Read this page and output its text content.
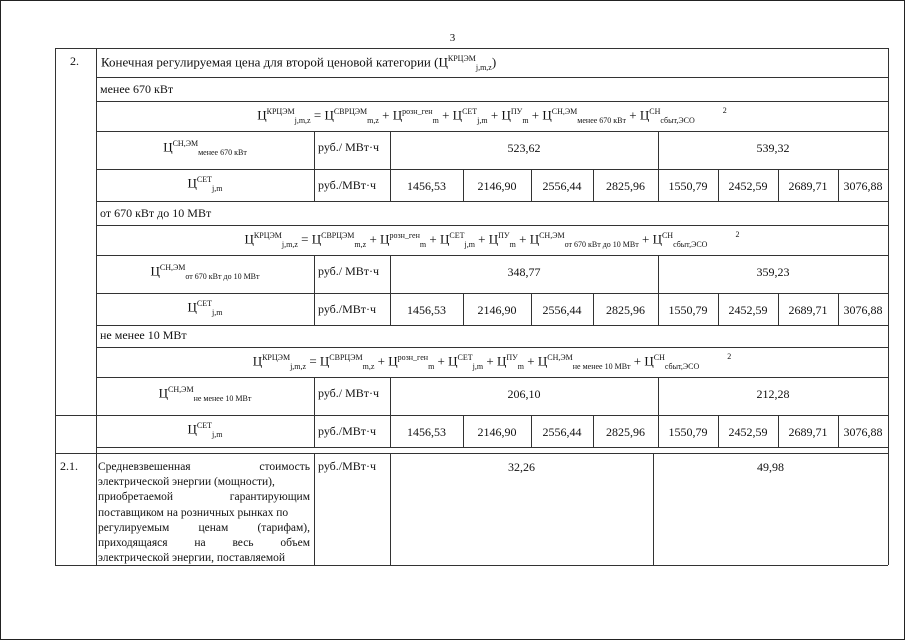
3
2. Конечная регулируемая цена для второй ценовой категории $(Ц^{КРЦЭМ}_{j,m,z})$
менее 670 кВт
$Ц^{КРЦЭМ}_{j,m,z} = Ц^{СВРЦЭМ}_{m,z} + Ц^{розн\_ген}_m + Ц^{СЕТ}_{j,m} + Ц^{ПУ}_m + Ц^{СН,ЭМ}_{менее 670 кВт} + Ц^{СН}_{сбыт,ЭСО}^2$
$Ц^{СН,ЭМ}_{менее 670 кВт}$	руб./ МВт·ч	523,62	539,32
$Ц^{СЕТ}_{j,m}$	руб./МВт·ч	1456,53	2146,90	2556,44	2825,96	1550,79	2452,59	2689,71	3076,88
от 670 кВт до 10 МВт
$Ц^{КРЦЭМ}_{j,m,z} = Ц^{СВРЦЭМ}_{m,z} + Ц^{розн\_ген}_m + Ц^{СЕТ}_{j,m} + Ц^{ПУ}_m + Ц^{СН,ЭМ}_{от 670 кВт до 10 МВт} + Ц^{СН}_{сбыт,ЭСО}^2$
$Ц^{СН,ЭМ}_{от 670 кВт до 10 МВт}$	руб./ МВт·ч	348,77	359,23
$Ц^{СЕТ}_{j,m}$	руб./МВт·ч	1456,53	2146,90	2556,44	2825,96	1550,79	2452,59	2689,71	3076,88
не менее 10 МВт
$Ц^{КРЦЭМ}_{j,m,z} = Ц^{СВРЦЭМ}_{m,z} + Ц^{розн\_ген}_m + Ц^{СЕТ}_{j,m} + Ц^{ПУ}_m + Ц^{СН,ЭМ}_{не менее 10 МВт} + Ц^{СН}_{сбыт,ЭСО}^2$
$Ц^{СН,ЭМ}_{не менее 10 МВт}$	руб./ МВт·ч	206,10	212,28
$Ц^{СЕТ}_{j,m}$	руб./МВт·ч	1456,53	2146,90	2556,44	2825,96	1550,79	2452,59	2689,71	3076,88
2.1. Средневзвешенная стоимость
электрической энергии (мощности),
приобретаемой гарантирующим
поставщиком на розничных рынках по
регулируемым ценам (тарифам),
приходящаяся на весь объем
электрической энергии, поставляемой
руб./МВт·ч	32,26	49,98
